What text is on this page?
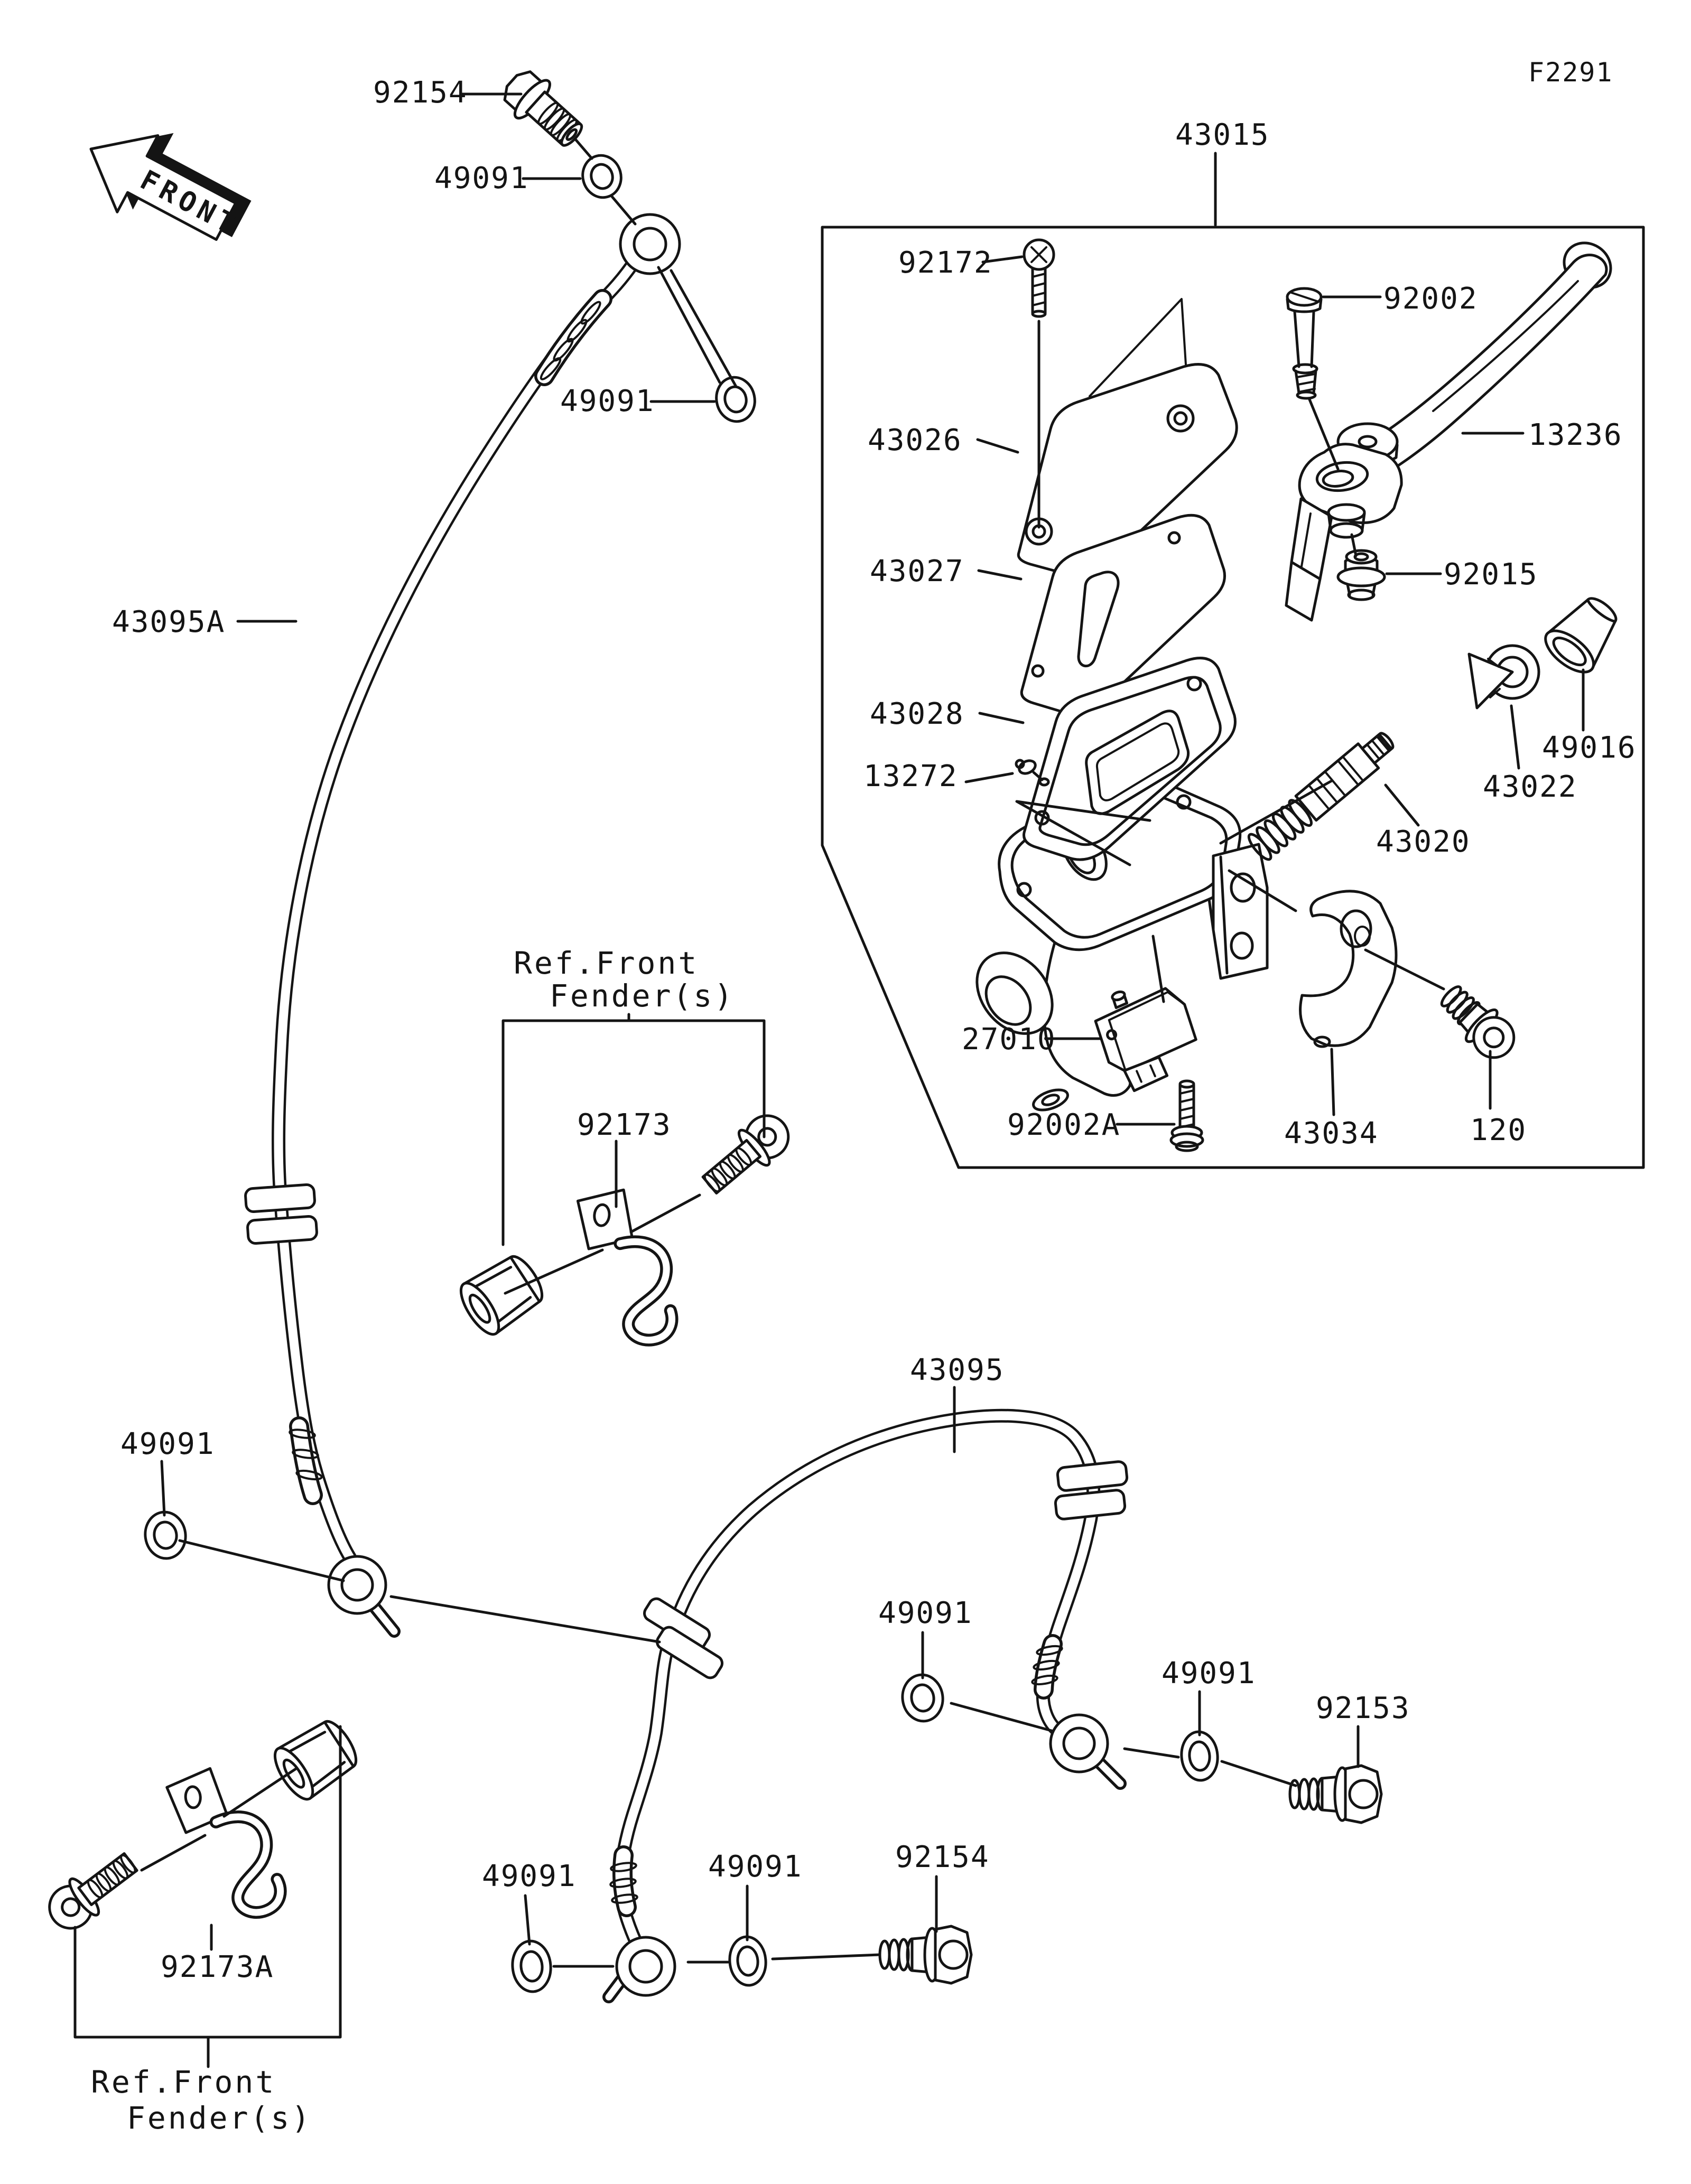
FRONT
F2291
43015
92154
49091
49091
43095A
92172
43026
92002
13236
43027	92015
43028
49016
13272	43022
43020
27010
92002A	43034	120
Ref.Front
Fender(s)
92173
49091
43095
49091
49091
92153
49091	49091	92154
92173A
Ref.Front
Fender(s)
